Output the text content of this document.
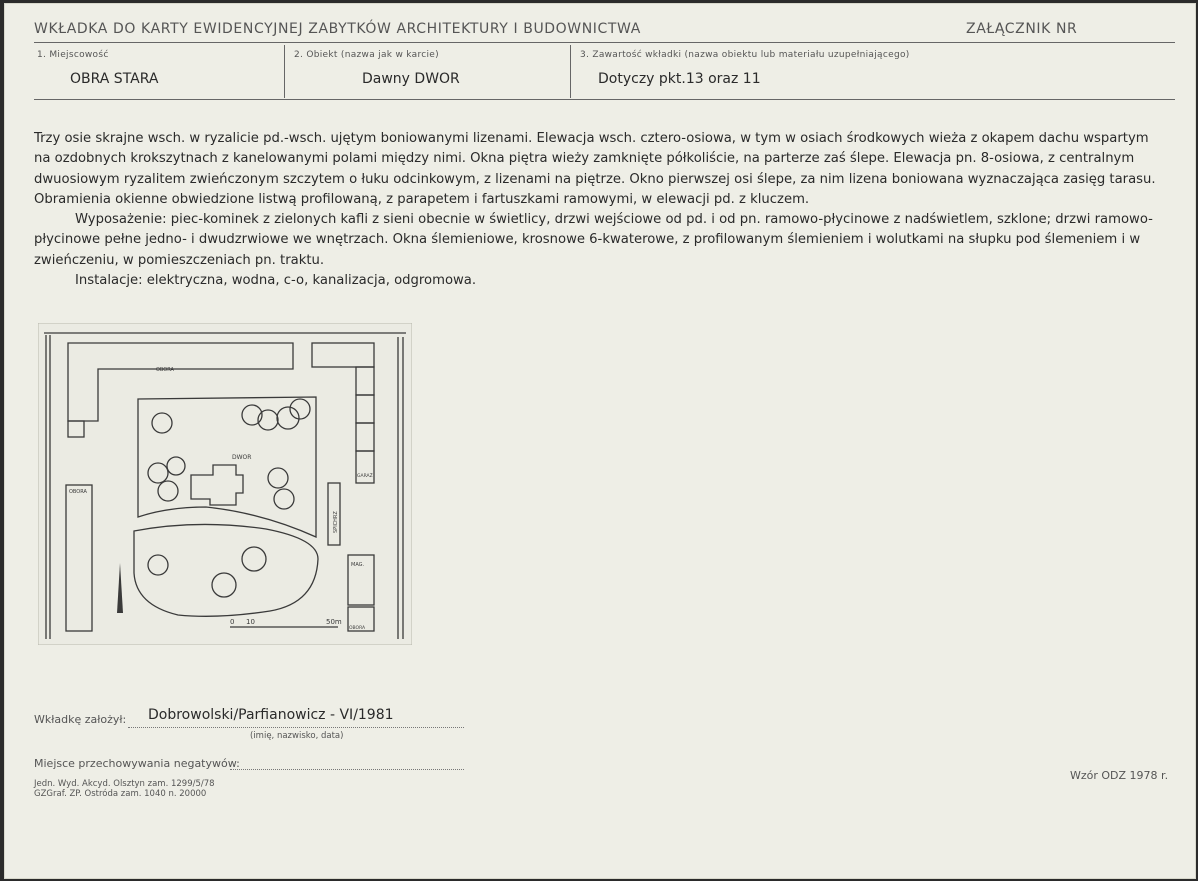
WKŁADKA DO KARTY EWIDENCYJNEJ ZABYTKÓW ARCHITEKTURY I BUDOWNICTWA	ZAŁĄCZNIK NR
1. Miejscowość
OBRA STARA
2. Obiekt (nazwa jak w karcie)
Dawny DWOR
3. Zawartość wkładki (nazwa obiektu lub materiału uzupełniającego)
Dotyczy pkt.13 oraz 11

Trzy osie skrajne wsch. w ryzalicie pd.-wsch. ujętym boniowanymi lizenami. Elewacja wsch. cztero-osiowa, w tym w osiach środkowych wieża z okapem dachu wspartym na ozdobnych krokszytnach z kanelowanymi polami między nimi. Okna piętra wieży zamknięte półkoliście, na parterze zaś ślepe. Elewacja pn. 8-osiowa, z centralnym dwuosiowym ryzalitem zwieńczonym szczytem o łuku odcinkowym, z lizenami na piętrze. Okno pierwszej osi ślepe, za nim lizena boniowana wyznaczająca zasięg tarasu. Obramienia okienne obwiedzione listwą profilowaną, z parapetem i fartuszkami ramowymi, w elewacji pd. z kluczem.

Wyposażenie: piec-kominek z zielonych kafli z sieni obecnie w świetlicy, drzwi wejściowe od pd. i od pn. ramowo-płycinowe z nadświetlem, szklone; drzwi ramowo-płycinowe pełne jedno- i dwudzrwiowe we wnętrzach. Okna ślemieniowe, krosnowe 6-kwaterowe, z profilowanym ślemieniem i wolutkami na słupku pod ślemeniem i w zwieńczeniu, w pomieszczeniach pn. traktu.

Instalacje: elektryczna, wodna, c-o, kanalizacja, odgromowa.

OBORA
OBORA
DWOR
GARAŻ
SPICHRZ
MAG.
OBORA
0 10	50m
Wkładkę założył: Dobrowolski/Parfianowicz - VI/1981
(imię, nazwisko, data)
Miejsce przechowywania negatywów:
Jedn. Wyd. Akcyd. Olsztyn zam. 1299/5/78
GZGraf. ZP. Ostróda zam. 1040 n. 20000
Wzór ODZ 1978 r.
